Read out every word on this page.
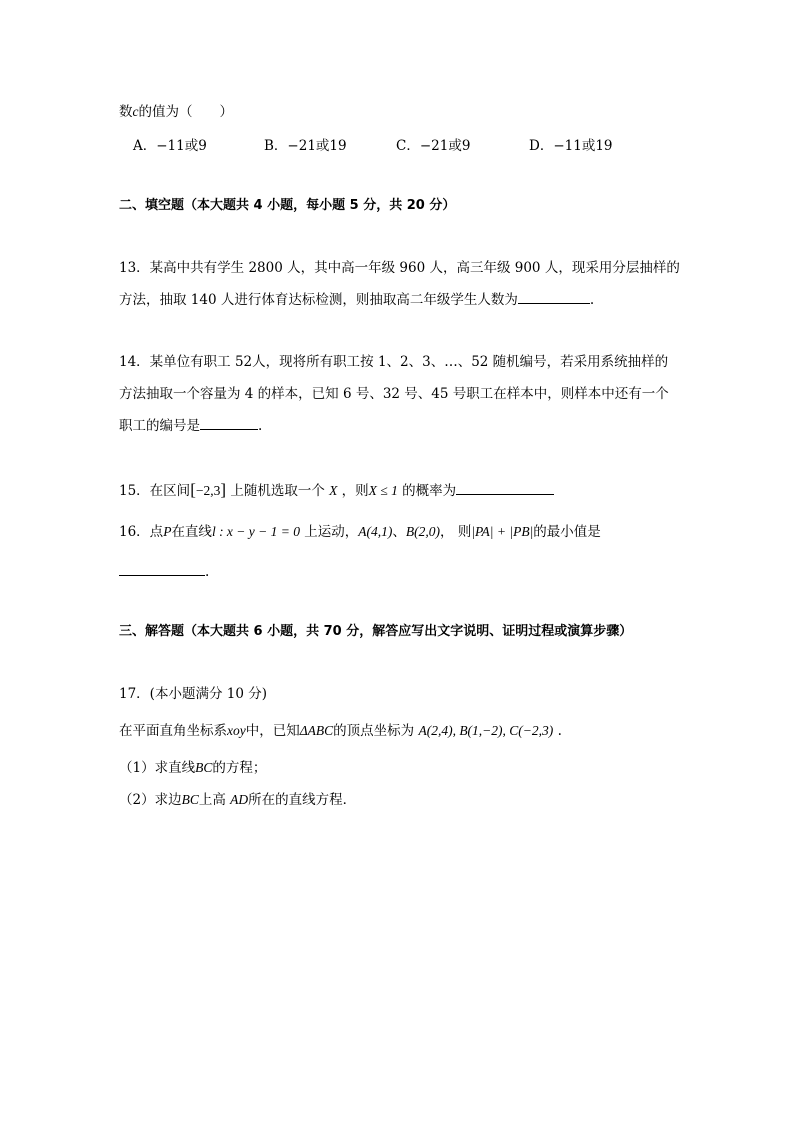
数c的值为（　　）
A．−11或9	B．−21或19	C．−21或9	D．−11或19
二、填空题（本大题共 4 小题，每小题 5 分，共 20 分）
13．某高中共有学生 2800 人，其中高一年级 960 人，高三年级 900 人，现采用分层抽样的
方法，抽取 140 人进行体育达标检测，则抽取高二年级学生人数为	.
14．某单位有职工 52人，现将所有职工按 1、2、3、…、52 随机编号，若采用系统抽样的
方法抽取一个容量为 4 的样本，已知 6 号、32 号、45 号职工在样本中，则样本中还有一个
职工的编号是	.
15．在区间[−2,3] 上随机选取一个 X ，则X ≤ 1 的概率为
16．点P在直线l : x − y − 1 = 0 上运动，A(4,1)、B(2,0)， 则|PA| + |PB|的最小值是
.
三、解答题（本大题共 6 小题，共 70 分，解答应写出文字说明、证明过程或演算步骤）
17．(本小题满分 10 分)
在平面直角坐标系xoy中，已知ΔABC的顶点坐标为 A(2,4), B(1,−2), C(−2,3) .
（1）求直线BC的方程；
（2）求边BC上高 AD所在的直线方程．
